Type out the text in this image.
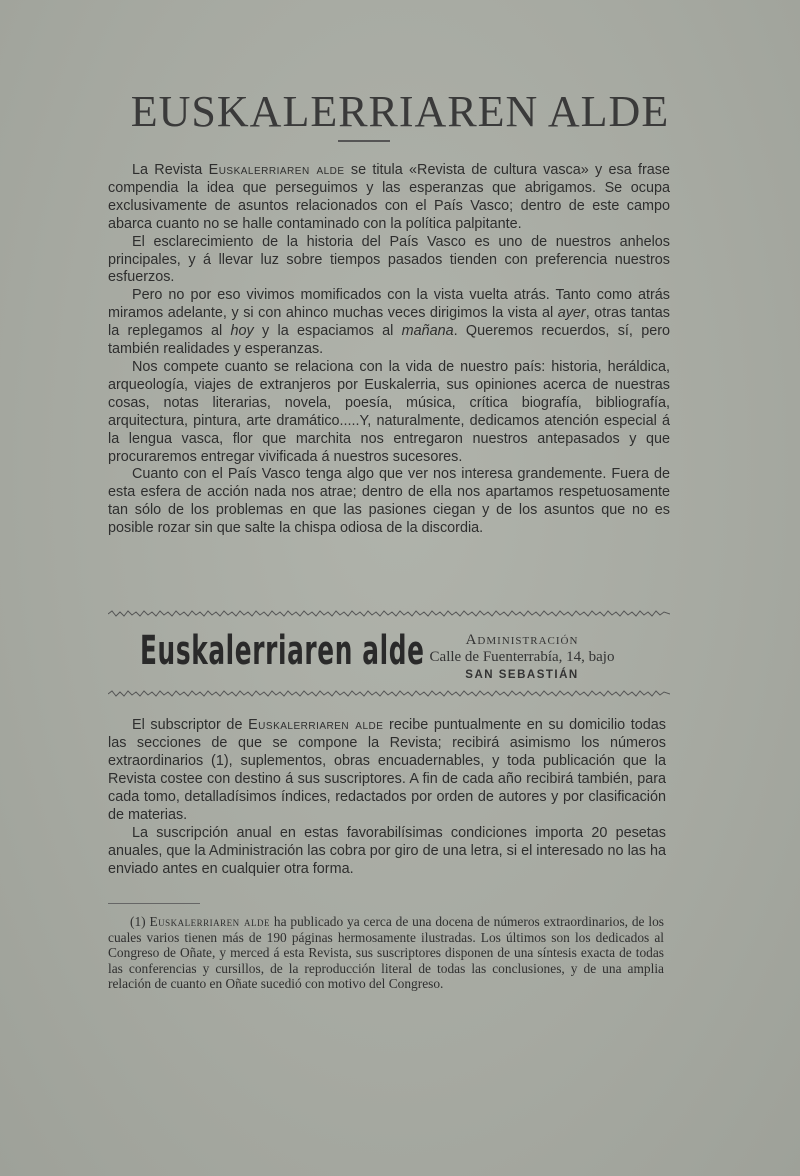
EUSKALERRIAREN ALDE

La Revista Euskalerriaren alde se titula «Revista de cultura vasca» y esa frase compendia la idea que perseguimos y las esperanzas que abrigamos. Se ocupa exclusivamente de asuntos relacionados con el País Vasco; dentro de este campo abarca cuanto no se halle contaminado con la política palpitante.

El esclarecimiento de la historia del País Vasco es uno de nuestros anhelos principales, y á llevar luz sobre tiempos pasados tienden con preferencia nuestros esfuerzos.

Pero no por eso vivimos momificados con la vista vuelta atrás. Tanto como atrás miramos adelante, y si con ahinco muchas veces dirigimos la vista al ayer, otras tantas la replegamos al hoy y la espaciamos al mañana. Queremos recuerdos, sí, pero también realidades y esperanzas.

Nos compete cuanto se relaciona con la vida de nuestro país: historia, heráldica, arqueología, viajes de extranjeros por Euskalerria, sus opiniones acerca de nuestras cosas, notas literarias, novela, poesía, música, crítica biografía, bibliografía, arquitectura, pintura, arte dramático.....Y, naturalmente, dedicamos atención especial á la lengua vasca, flor que marchita nos entregaron nuestros antepasados y que procuraremos entregar vivificada á nuestros sucesores.

Cuanto con el País Vasco tenga algo que ver nos interesa grandemente. Fuera de esta esfera de acción nada nos atrae; dentro de ella nos apartamos respetuosamente tan sólo de los problemas en que las pasiones ciegan y de los asuntos que no es posible rozar sin que salte la chispa odiosa de la discordia.

Euskalerriaren alde	Administración
Calle de Fuenterrabía, 14, bajo
SAN SEBASTIÁN

El subscriptor de Euskalerriaren alde recibe puntualmente en su domicilio todas las secciones de que se compone la Revista; recibirá asimismo los números extraordinarios (1), suplementos, obras encuadernables, y toda publicación que la Revista costee con destino á sus suscriptores. A fin de cada año recibirá también, para cada tomo, detalladísimos índices, redactados por orden de autores y por clasificación de materias.

La suscripción anual en estas favorabilísimas condiciones importa 20 pesetas anuales, que la Administración las cobra por giro de una letra, si el interesado no las ha enviado antes en cualquier otra forma.

(1) Euskalerriaren alde ha publicado ya cerca de una docena de números extraordinarios, de los cuales varios tienen más de 190 páginas hermosamente ilustradas. Los últimos son los dedicados al Congreso de Oñate, y merced á esta Revista, sus suscriptores disponen de una síntesis exacta de todas las conferencias y cursillos, de la reproducción literal de todas las conclusiones, y de una amplia relación de cuanto en Oñate sucedió con motivo del Congreso.
